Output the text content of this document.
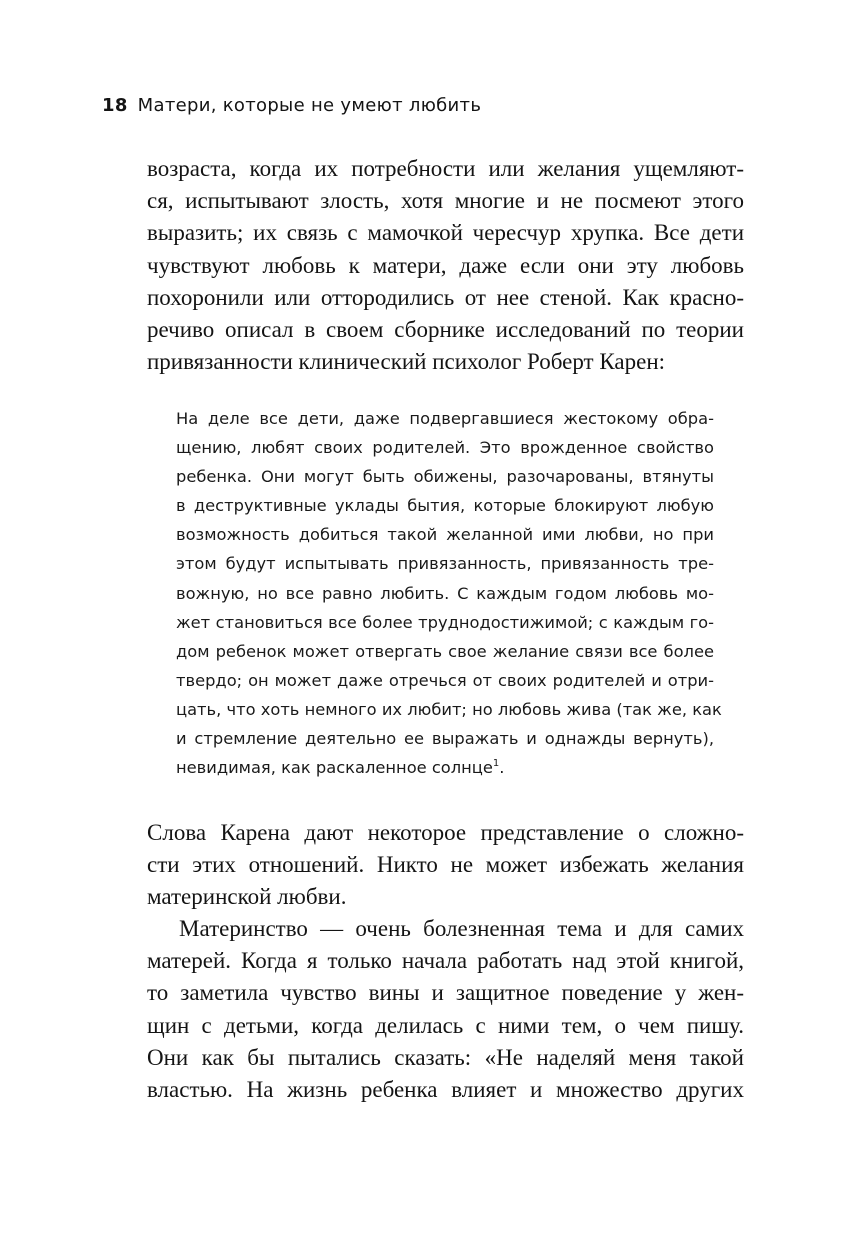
18 Матери, которые не умеют любить
возраста, когда их потребности или желания ущемляют-
ся, испытывают злость, хотя многие и не посмеют этого
выразить; их связь с мамочкой чересчур хрупка. Все дети
чувствуют любовь к матери, даже если они эту любовь
похоронили или оттородились от нее стеной. Как красно-
речиво описал в своем сборнике исследований по теории
привязанности клинический психолог Роберт Карен:
На деле все дети, даже подвергавшиеся жестокому обра-
щению, любят своих родителей. Это врожденное свойство
ребенка. Они могут быть обижены, разочарованы, втянуты
в деструктивные уклады бытия, которые блокируют любую
возможность добиться такой желанной ими любви, но при
этом будут испытывать привязанность, привязанность тре-
вожную, но все равно любить. С каждым годом любовь мо-
жет становиться все более труднодостижимой; с каждым го-
дом ребенок может отвергать свое желание связи все более
твердо; он может даже отречься от своих родителей и отри-
цать, что хоть немного их любит; но любовь жива (так же, как
и стремление деятельно ее выражать и однажды вернуть),
невидимая, как раскаленное солнце$^1$.
Слова Карена дают некоторое представление о сложно-
сти этих отношений. Никто не может избежать желания
материнской любви.
Материнство — очень болезненная тема и для самих
матерей. Когда я только начала работать над этой книгой,
то заметила чувство вины и защитное поведение у жен-
щин с детьми, когда делилась с ними тем, о чем пишу.
Они как бы пытались сказать: «Не наделяй меня такой
властью. На жизнь ребенка влияет и множество других
